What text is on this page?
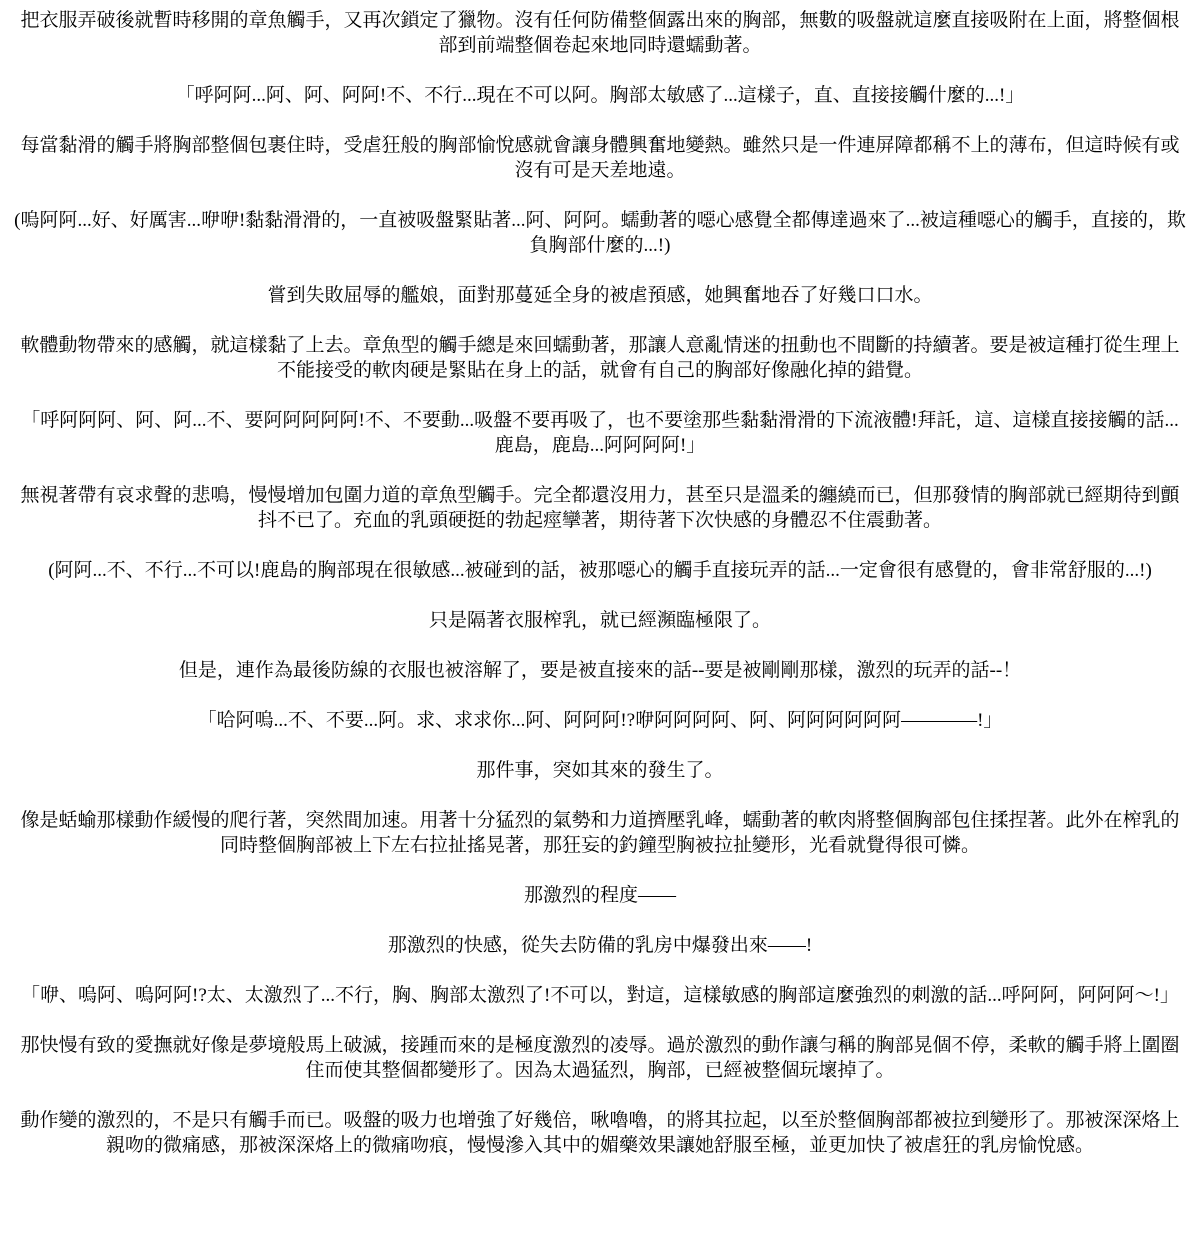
把衣服弄破後就暫時移開的章魚觸手，又再次鎖定了獵物。沒有任何防備整個露出來的胸部，無數的吸盤就這麼直接吸附在上面，將整個根部到前端整個卷起來地同時還蠕動著。

「呼阿阿...阿、阿、阿阿!不、不行...現在不可以阿。胸部太敏感了...這樣子，直、直接接觸什麼的...!」

每當黏滑的觸手將胸部整個包裹住時，受虐狂般的胸部愉悅感就會讓身體興奮地變熱。雖然只是一件連屏障都稱不上的薄布，但這時候有或沒有可是天差地遠。

(嗚阿阿...好、好厲害...咿咿!黏黏滑滑的，一直被吸盤緊貼著...阿、阿阿。蠕動著的噁心感覺全都傳達過來了...被這種噁心的觸手，直接的，欺負胸部什麼的...!)

嘗到失敗屈辱的艦娘，面對那蔓延全身的被虐預感，她興奮地吞了好幾口口水。

軟體動物帶來的感觸，就這樣黏了上去。章魚型的觸手總是來回蠕動著，那讓人意亂情迷的扭動也不間斷的持續著。要是被這種打從生理上不能接受的軟肉硬是緊貼在身上的話，就會有自己的胸部好像融化掉的錯覺。

「呼阿阿阿、阿、阿...不、要阿阿阿阿阿!不、不要動...吸盤不要再吸了，也不要塗那些黏黏滑滑的下流液體!拜託，這、這樣直接接觸的話...鹿島，鹿島...阿阿阿阿!」

無視著帶有哀求聲的悲鳴，慢慢增加包圍力道的章魚型觸手。完全都還沒用力，甚至只是溫柔的纏繞而已，但那發情的胸部就已經期待到顫抖不已了。充血的乳頭硬挺的勃起痙攣著，期待著下次快感的身體忍不住震動著。

(阿阿...不、不行...不可以!鹿島的胸部現在很敏感...被碰到的話，被那噁心的觸手直接玩弄的話...一定會很有感覺的，會非常舒服的...!)

只是隔著衣服榨乳，就已經瀕臨極限了。

但是，連作為最後防線的衣服也被溶解了，要是被直接來的話--要是被剛剛那樣，激烈的玩弄的話--！

「哈阿嗚...不、不要...阿。求、求求你...阿、阿阿阿!?咿阿阿阿阿、阿、阿阿阿阿阿阿————!」

那件事，突如其來的發生了。

像是蛞蝓那樣動作緩慢的爬行著，突然間加速。用著十分猛烈的氣勢和力道擠壓乳峰，蠕動著的軟肉將整個胸部包住揉捏著。此外在榨乳的同時整個胸部被上下左右拉扯搖晃著，那狂妄的釣鐘型胸被拉扯變形，光看就覺得很可憐。

那激烈的程度——

那激烈的快感，從失去防備的乳房中爆發出來——!

「咿、嗚阿、嗚阿阿!?太、太激烈了...不行，胸、胸部太激烈了!不可以，對這，這樣敏感的胸部這麼強烈的刺激的話...呼阿阿，阿阿阿～!」

那快慢有致的愛撫就好像是夢境般馬上破滅，接踵而來的是極度激烈的凌辱。過於激烈的動作讓勻稱的胸部晃個不停，柔軟的觸手將上圍圈住而使其整個都變形了。因為太過猛烈，胸部，已經被整個玩壞掉了。

動作變的激烈的，不是只有觸手而已。吸盤的吸力也增強了好幾倍，啾嚕嚕，的將其拉起，以至於整個胸部都被拉到變形了。那被深深烙上親吻的微痛感，那被深深烙上的微痛吻痕，慢慢滲入其中的媚藥效果讓她舒服至極，並更加快了被虐狂的乳房愉悅感。
